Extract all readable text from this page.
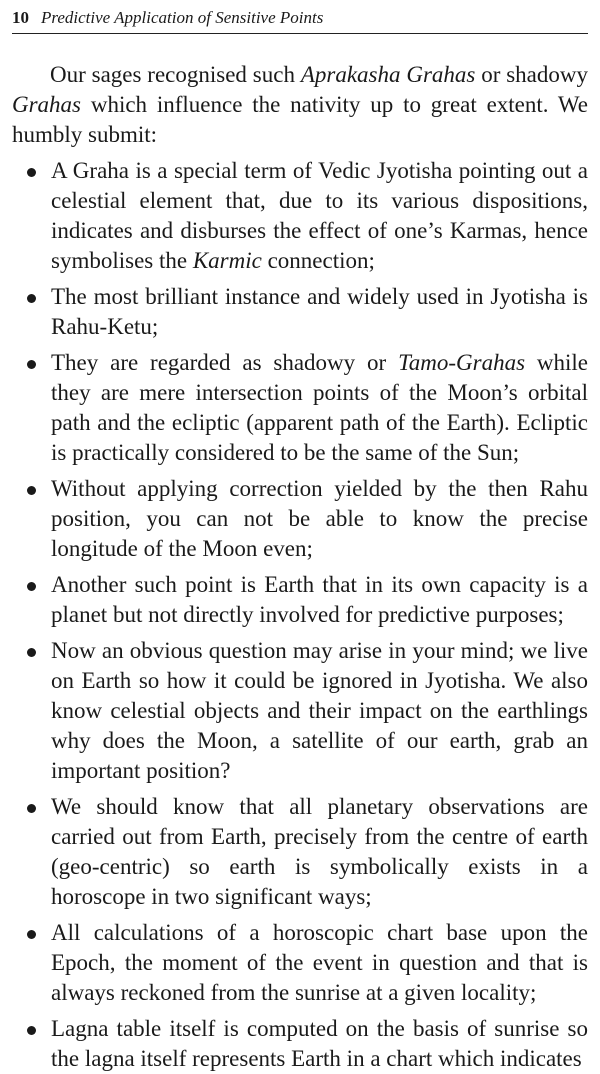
10 Predictive Application of Sensitive Points

Our sages recognised such Aprakasha Grahas or shadowy Grahas which influence the nativity up to great extent. We humbly submit:

A Graha is a special term of Vedic Jyotisha pointing out a celestial element that, due to its various dispositions, indicates and disburses the effect of one’s Karmas, hence symbolises the Karmic connection;
The most brilliant instance and widely used in Jyotisha is Rahu-Ketu;
They are regarded as shadowy or Tamo-Grahas while they are mere intersection points of the Moon’s orbital path and the ecliptic (apparent path of the Earth). Ecliptic is practically considered to be the same of the Sun;
Without applying correction yielded by the then Rahu position, you can not be able to know the precise longitude of the Moon even;
Another such point is Earth that in its own capacity is a planet but not directly involved for predictive purposes;
Now an obvious question may arise in your mind; we live on Earth so how it could be ignored in Jyotisha. We also know celestial objects and their impact on the earthlings why does the Moon, a satellite of our earth, grab an important position?
We should know that all planetary observations are carried out from Earth, precisely from the centre of earth (geo-centric) so earth is symbolically exists in a horoscope in two significant ways;
All calculations of a horoscopic chart base upon the Epoch, the moment of the event in question and that is always reckoned from the sunrise at a given locality;
Lagna table itself is computed on the basis of sunrise so the lagna itself represents Earth in a chart which indicates
